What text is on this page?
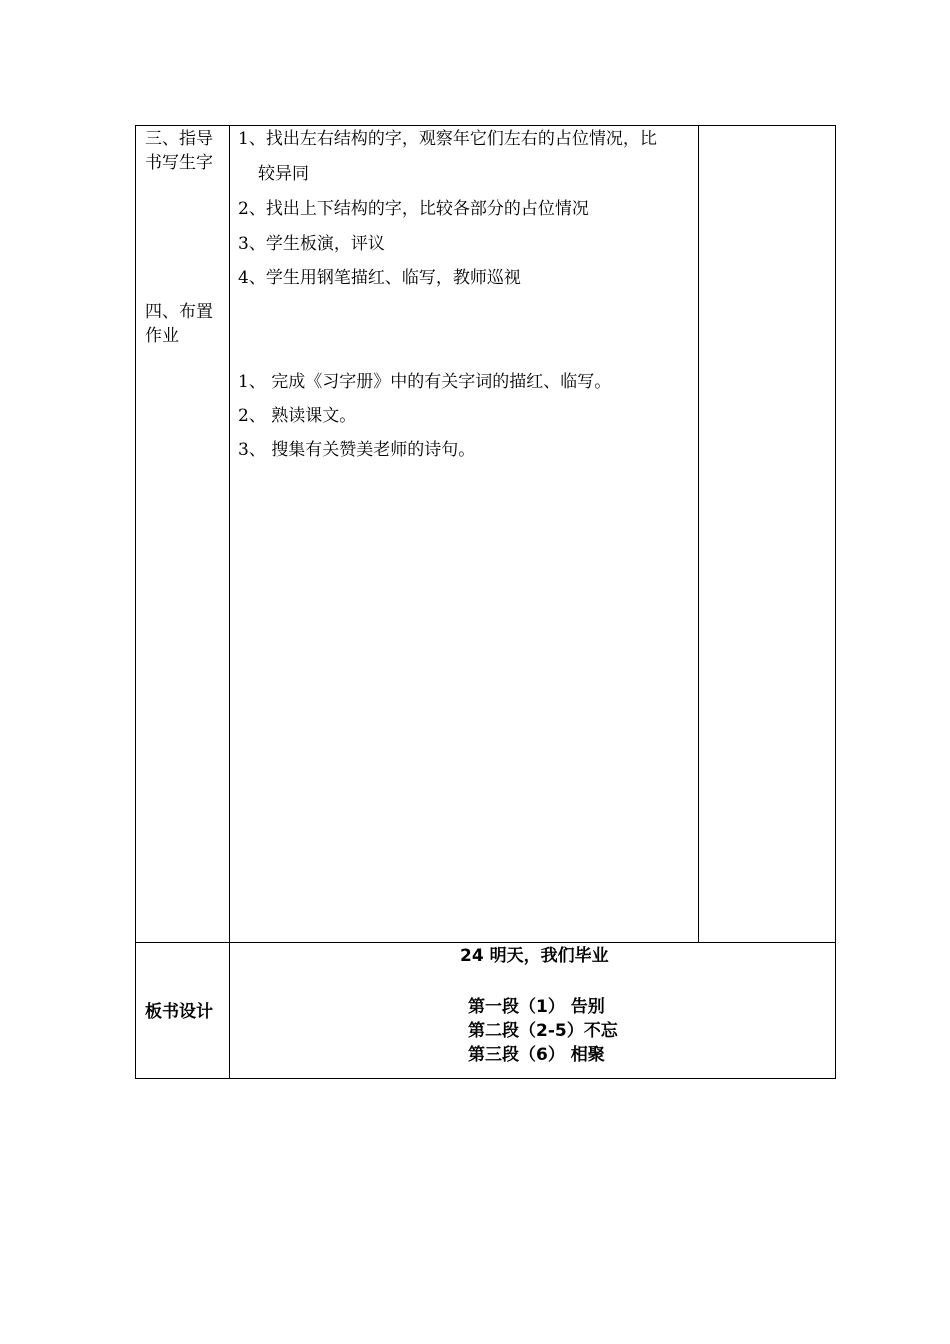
三、指导
书写生字
1、找出左右结构的字，观察年它们左右的占位情况，比
较异同
2、找出上下结构的字，比较各部分的占位情况
3、学生板演，评议
4、学生用钢笔描红、临写，教师巡视
四、布置
作业
1、 完成《习字册》中的有关字词的描红、临写。
2、 熟读课文。
3、 搜集有关赞美老师的诗句。
板书设计
24 明天，我们毕业
第一段（1） 告别
第二段（2-5）不忘
第三段（6） 相聚
